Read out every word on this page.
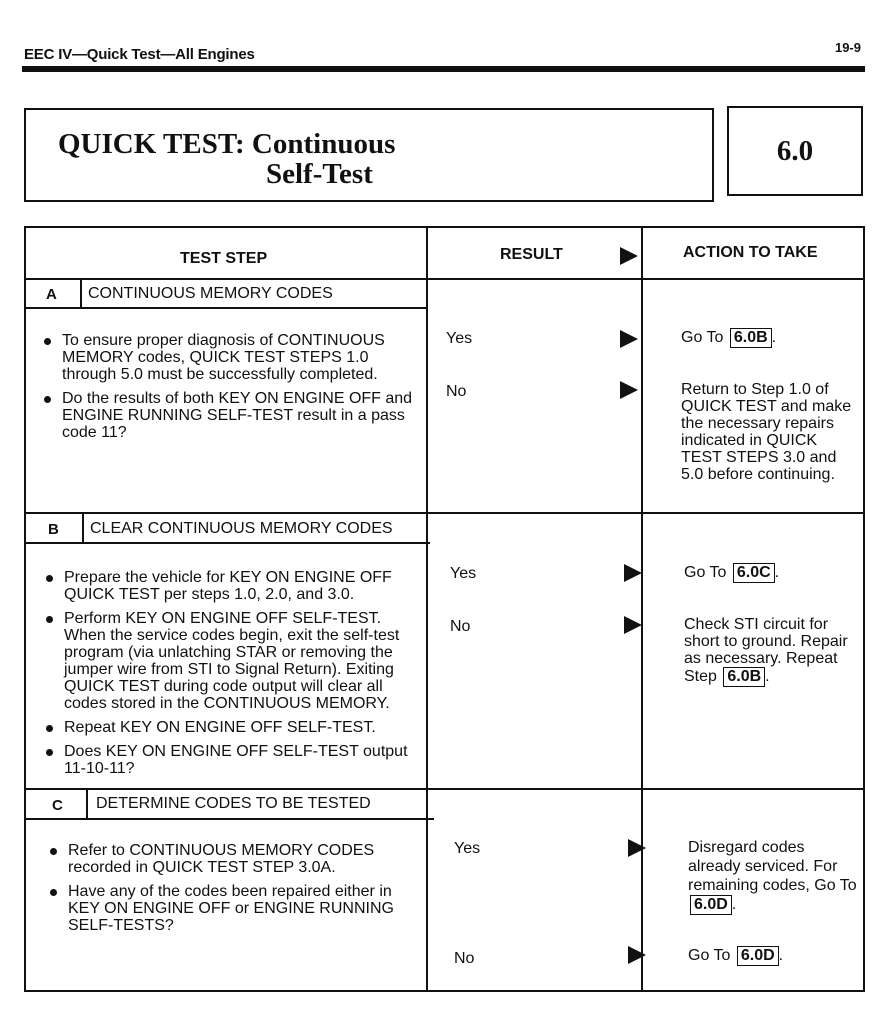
EEC IV—Quick Test—All Engines	19-9
QUICK TEST: Continuous
Self-Test
6.0
TEST STEP	RESULT	ACTION TO TAKE
A CONTINUOUS MEMORY CODES
To ensure proper diagnosis of CONTINUOUS MEMORY codes, QUICK TEST STEPS 1.0 through 5.0 must be successfully completed.
Do the results of both KEY ON ENGINE OFF and ENGINE RUNNING SELF-TEST result in a pass code 11?
Yes	Go To 6.0B .
No	Return to Step 1.0 of QUICK TEST and make the necessary repairs indicated in QUICK TEST STEPS 3.0 and 5.0 before continuing.
B CLEAR CONTINUOUS MEMORY CODES
Prepare the vehicle for KEY ON ENGINE OFF QUICK TEST per steps 1.0, 2.0, and 3.0.
Perform KEY ON ENGINE OFF SELF-TEST. When the service codes begin, exit the self-test program (via unlatching STAR or removing the jumper wire from STI to Signal Return). Exiting QUICK TEST during code output will clear all codes stored in the CONTINUOUS MEMORY.
Repeat KEY ON ENGINE OFF SELF-TEST.
Does KEY ON ENGINE OFF SELF-TEST output 11-10-11?
Yes	Go To 6.0C .
No	Check STI circuit for short to ground. Repair as necessary. Repeat Step 6.0B .
C DETERMINE CODES TO BE TESTED
Refer to CONTINUOUS MEMORY CODES recorded in QUICK TEST STEP 3.0A.
Have any of the codes been repaired either in KEY ON ENGINE OFF or ENGINE RUNNING SELF-TESTS?
Yes	Disregard codes already serviced. For remaining codes, Go To 6.0D .
No	Go To 6.0D .
